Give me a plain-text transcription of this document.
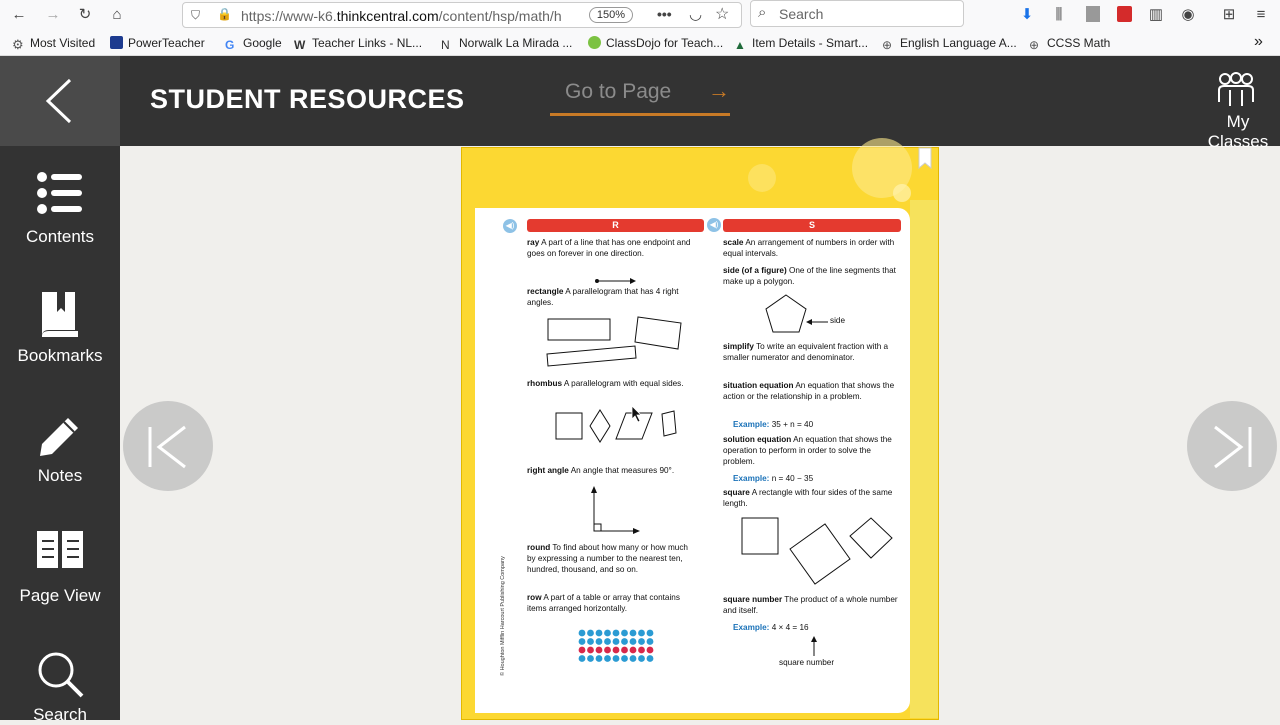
← →	↻	⌂	⛉ 🔒 https://www-k6.thinkcentral.com/content/hsp/math/h	150%	••• ◡ ☆ ⌕ Search	⬇	⫼	▥ ◉	⊞	≡
⚙ Most Visited	PowerTeacher G Google W Teacher Links - NL... N Norwalk La Mirada ...	ClassDojo for Teach... ▲ Item Details - Smart... ⊕ English Language A... ⊕ CCSS Math	»
STUDENT RESOURCES	Go to Page →
My Classes
Contents
Bookmarks
Notes
Page View
Search
◀)	R
ray A part of a line that has one endpoint and goes on forever in one direction.
rectangle A parallelogram that has 4 right angles.
rhombus A parallelogram with equal sides.
right angle An angle that measures 90°.
round To find about how many or how much by expressing a number to the nearest ten, hundred, thousand, and so on.
row A part of a table or array that contains items arranged horizontally.
© Houghton Mifflin Harcourt Publishing Company
◀)	S
scale An arrangement of numbers in order with equal intervals.
side (of a figure) One of the line segments that make up a polygon.
side
simplify To write an equivalent fraction with a smaller numerator and denominator.
situation equation An equation that shows the action or the relationship in a problem.
Example: 35 + n = 40
solution equation An equation that shows the operation to perform in order to solve the problem.
Example: n = 40 − 35
square A rectangle with four sides of the same length.
square number The product of a whole number and itself.
Example: 4 × 4 = 16
square number
